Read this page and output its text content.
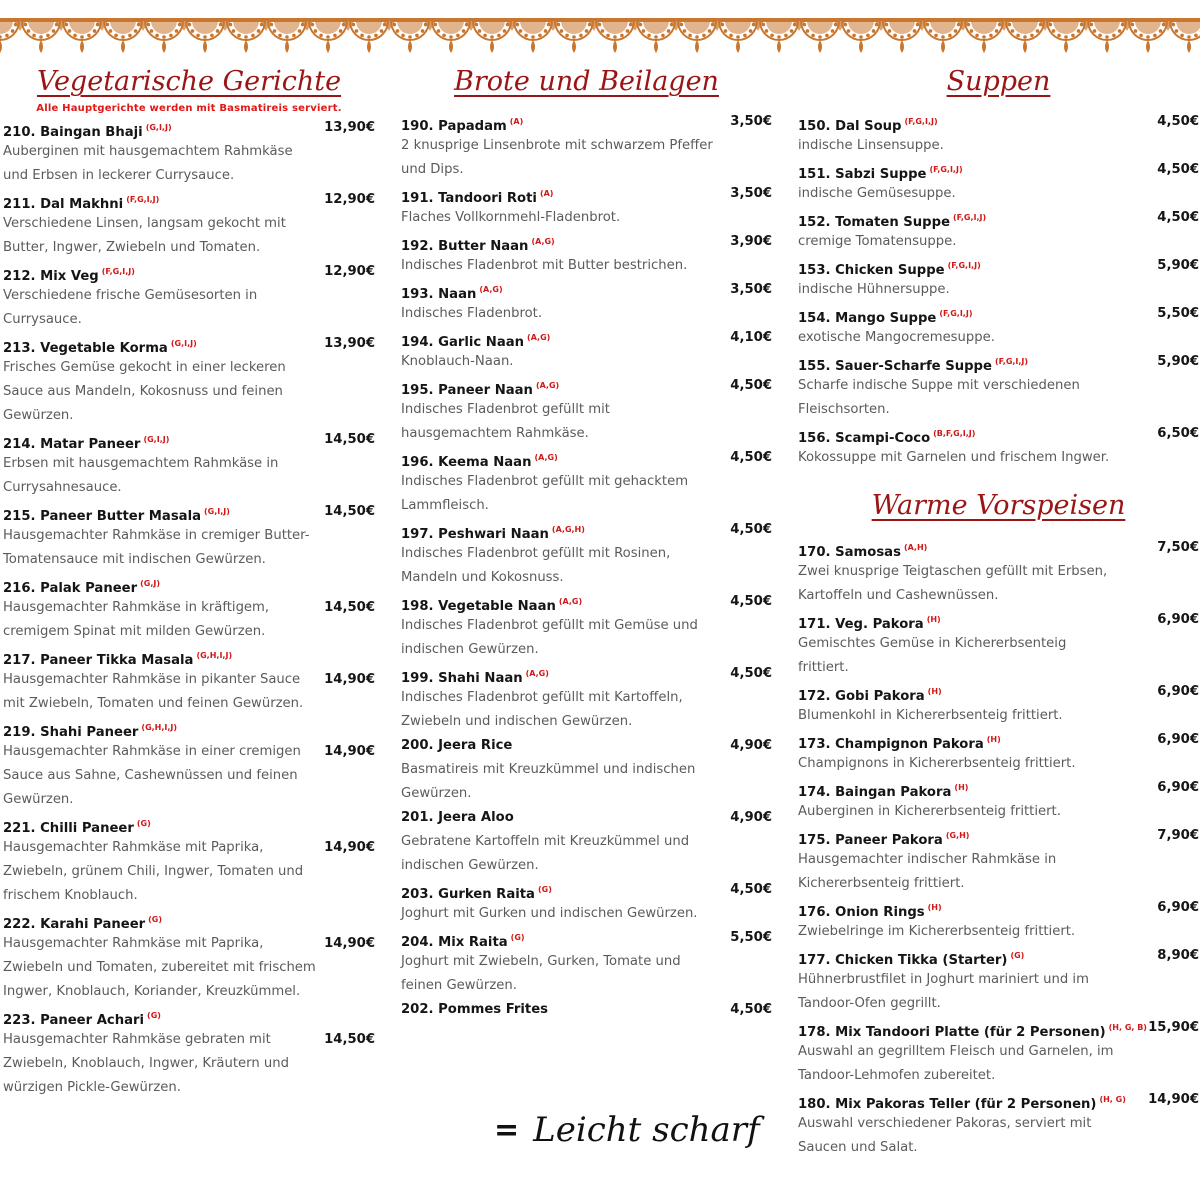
Vegetarische Gerichte
Alle Hauptgerichte werden mit Basmatireis serviert.
210. Baingan Bhaji $^{(G,I,J)}$	13,90€
Auberginen mit hausgemachtem Rahmkäse
und Erbsen in leckerer Currysauce.
211. Dal Makhni $^{(F,G,I,J)}$	12,90€
Verschiedene Linsen, langsam gekocht mit
Butter, Ingwer, Zwiebeln und Tomaten.
212. Mix Veg $^{(F,G,I,J)}$	12,90€
Verschiedene frische Gemüsesorten in
Currysauce.
213. Vegetable Korma $^{(G,I,J)}$	13,90€
Frisches Gemüse gekocht in einer leckeren
Sauce aus Mandeln, Kokosnuss und feinen
Gewürzen.
214. Matar Paneer $^{(G,I,J)}$	14,50€
Erbsen mit hausgemachtem Rahmkäse in
Currysahnesauce.
215. Paneer Butter Masala $^{(G,I,J)}$	14,50€
Hausgemachter Rahmkäse in cremiger Butter-
Tomatensauce mit indischen Gewürzen.
216. Palak Paneer $^{(G,J)}$
Hausgemachter Rahmkäse in kräftigem,	14,50€
cremigem Spinat mit milden Gewürzen.
217. Paneer Tikka Masala $^{(G,H,I,J)}$
Hausgemachter Rahmkäse in pikanter Sauce 14,90€
mit Zwiebeln, Tomaten und feinen Gewürzen.
219. Shahi Paneer $^{(G,H,I,J)}$
Hausgemachter Rahmkäse in einer cremigen 14,90€
Sauce aus Sahne, Cashewnüssen und feinen
Gewürzen.
221. Chilli Paneer $^{(G)}$
Hausgemachter Rahmkäse mit Paprika,	14,90€
Zwiebeln, grünem Chili, Ingwer, Tomaten und
frischem Knoblauch.
222. Karahi Paneer $^{(G)}$
Hausgemachter Rahmkäse mit Paprika,	14,90€
Zwiebeln und Tomaten, zubereitet mit frischem
Ingwer, Knoblauch, Koriander, Kreuzkümmel.
223. Paneer Achari $^{(G)}$
Hausgemachter Rahmkäse gebraten mit	14,50€
Zwiebeln, Knoblauch, Ingwer, Kräutern und
würzigen Pickle-Gewürzen.
Brote und Beilagen
190. Papadam $^{(A)}$	3,50€
2 knusprige Linsenbrote mit schwarzem Pfeffer
und Dips.
191. Tandoori Roti $^{(A)}$	3,50€
Flaches Vollkornmehl-Fladenbrot.
192. Butter Naan $^{(A,G)}$	3,90€
Indisches Fladenbrot mit Butter bestrichen.
193. Naan $^{(A,G)}$	3,50€
Indisches Fladenbrot.
194. Garlic Naan $^{(A,G)}$	4,10€
Knoblauch-Naan.
195. Paneer Naan $^{(A,G)}$	4,50€
Indisches Fladenbrot gefüllt mit
hausgemachtem Rahmkäse.
196. Keema Naan $^{(A,G)}$	4,50€
Indisches Fladenbrot gefüllt mit gehacktem
Lammfleisch.
197. Peshwari Naan $^{(A,G,H)}$	4,50€
Indisches Fladenbrot gefüllt mit Rosinen,
Mandeln und Kokosnuss.
198. Vegetable Naan $^{(A,G)}$	4,50€
Indisches Fladenbrot gefüllt mit Gemüse und
indischen Gewürzen.
199. Shahi Naan $^{(A,G)}$	4,50€
Indisches Fladenbrot gefüllt mit Kartoffeln,
Zwiebeln und indischen Gewürzen.
200. Jeera Rice	4,90€
Basmatireis mit Kreuzkümmel und indischen
Gewürzen.
201. Jeera Aloo	4,90€
Gebratene Kartoffeln mit Kreuzkümmel und
indischen Gewürzen.
203. Gurken Raita $^{(G)}$	4,50€
Joghurt mit Gurken und indischen Gewürzen.
204. Mix Raita $^{(G)}$	5,50€
Joghurt mit Zwiebeln, Gurken, Tomate und
feinen Gewürzen.
202. Pommes Frites	4,50€
Suppen
150. Dal Soup $^{(F,G,I,J)}$	4,50€
indische Linsensuppe.
151. Sabzi Suppe $^{(F,G,I,J)}$	4,50€
indische Gemüsesuppe.
152. Tomaten Suppe $^{(F,G,I,J)}$	4,50€
cremige Tomatensuppe.
153. Chicken Suppe $^{(F,G,I,J)}$	5,90€
indische Hühnersuppe.
154. Mango Suppe $^{(F,G,I,J)}$	5,50€
exotische Mangocremesuppe.
155. Sauer-Scharfe Suppe $^{(F,G,I,J)}$	5,90€
Scharfe indische Suppe mit verschiedenen
Fleischsorten.
156. Scampi-Coco $^{(B,F,G,I,J)}$	6,50€
Kokossuppe mit Garnelen und frischem Ingwer.
Warme Vorspeisen
170. Samosas $^{(A,H)}$	7,50€
Zwei knusprige Teigtaschen gefüllt mit Erbsen,
Kartoffeln und Cashewnüssen.
171. Veg. Pakora $^{(H)}$	6,90€
Gemischtes Gemüse in Kichererbsenteig
frittiert.
172. Gobi Pakora $^{(H)}$	6,90€
Blumenkohl in Kichererbsenteig frittiert.
173. Champignon Pakora $^{(H)}$	6,90€
Champignons in Kichererbsenteig frittiert.
174. Baingan Pakora $^{(H)}$	6,90€
Auberginen in Kichererbsenteig frittiert.
175. Paneer Pakora $^{(G,H)}$	7,90€
Hausgemachter indischer Rahmkäse in
Kichererbsenteig frittiert.
176. Onion Rings $^{(H)}$	6,90€
Zwiebelringe im Kichererbsenteig frittiert.
177. Chicken Tikka (Starter) $^{(G)}$	8,90€
Hühnerbrustfilet in Joghurt mariniert und im
Tandoor-Ofen gegrillt.
178. Mix Tandoori Platte (für 2 Personen) $^{(H, G, B)}$ 15,90€
Auswahl an gegrilltem Fleisch und Garnelen, im
Tandoor-Lehmofen zubereitet.
180. Mix Pakoras Teller (für 2 Personen) $^{(H, G)}$ 14,90€
Auswahl verschiedener Pakoras, serviert mit
Saucen und Salat.
= Leicht scharf
